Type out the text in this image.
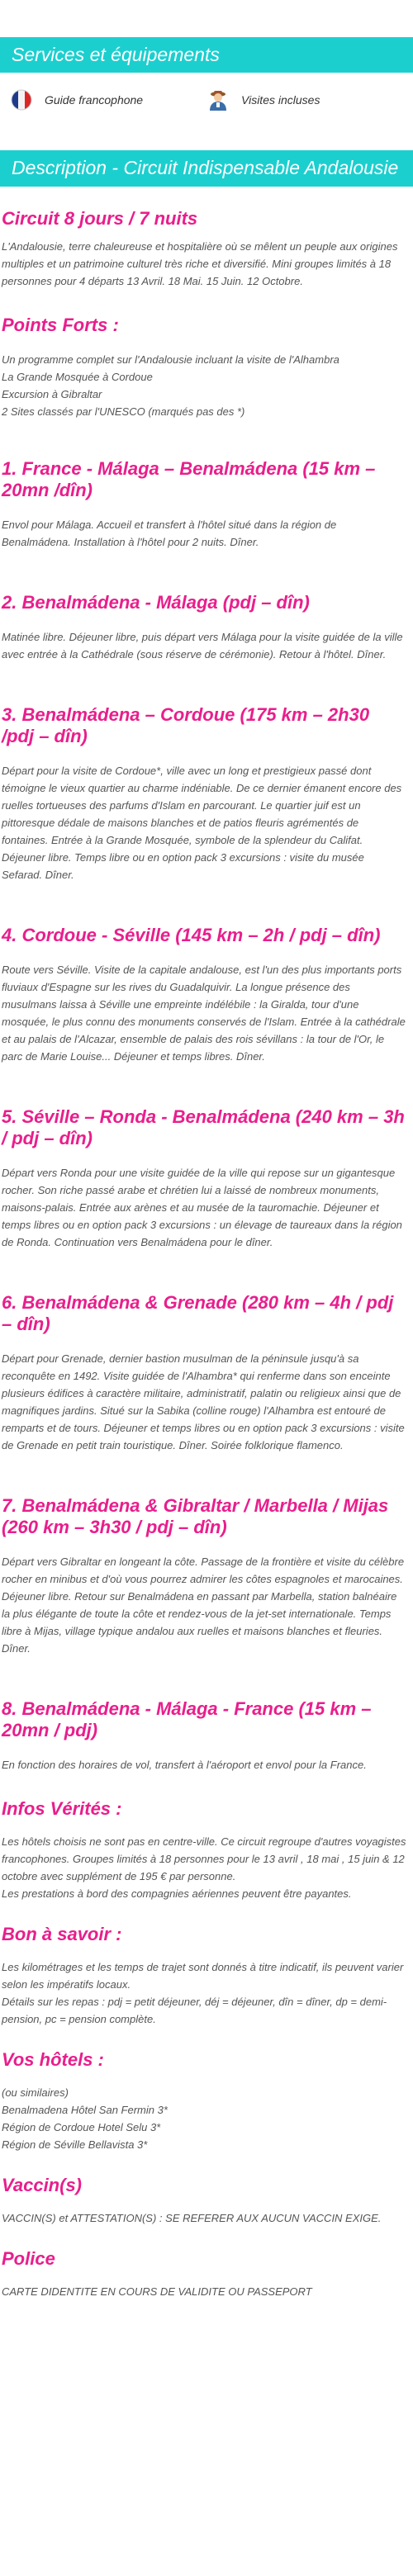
Services et équipements
Guide francophone	Visites incluses
Description - Circuit Indispensable Andalousie
Circuit 8 jours / 7 nuits

L'Andalousie, terre chaleureuse et hospitalière où se mêlent un peuple aux origines multiples et un patrimoine culturel très riche et diversifié. Mini groupes limités à 18 personnes pour 4 départs 13 Avril. 18 Mai. 15 Juin. 12 Octobre.

Points Forts :

Un programme complet sur l'Andalousie incluant la visite de l'Alhambra

La Grande Mosquée à Cordoue

Excursion à Gibraltar

2 Sites classés par l'UNESCO (marqués pas des *)

1. France - Málaga – Benalmádena (15 km – 20mn /dîn)

Envol pour Málaga. Accueil et transfert à l'hôtel situé dans la région de Benalmádena. Installation à l'hôtel pour 2 nuits. Dîner.

2. Benalmádena - Málaga (pdj – dîn)

Matinée libre. Déjeuner libre, puis départ vers Málaga pour la visite guidée de la ville avec entrée à la Cathédrale (sous réserve de cérémonie). Retour à l'hôtel. Dîner.

3. Benalmádena – Cordoue (175 km – 2h30 /pdj – dîn)

Départ pour la visite de Cordoue*, ville avec un long et prestigieux passé dont témoigne le vieux quartier au charme indéniable. De ce dernier émanent encore des ruelles tortueuses des parfums d'Islam en parcourant. Le quartier juif est un pittoresque dédale de maisons blanches et de patios fleuris agrémentés de fontaines. Entrée à la Grande Mosquée, symbole de la splendeur du Califat. Déjeuner libre. Temps libre ou en option pack 3 excursions : visite du musée Sefarad. Dîner.

4. Cordoue - Séville (145 km – 2h / pdj – dîn)

Route vers Séville. Visite de la capitale andalouse, est l'un des plus importants ports fluviaux d'Espagne sur les rives du Guadalquivir. La longue présence des musulmans laissa à Séville une empreinte indélébile : la Giralda, tour d'une mosquée, le plus connu des monuments conservés de l'Islam. Entrée à la cathédrale et au palais de l'Alcazar, ensemble de palais des rois sévillans : la tour de l'Or, le parc de Marie Louise... Déjeuner et temps libres. Dîner.

5. Séville – Ronda - Benalmádena (240 km – 3h / pdj – dîn)

Départ vers Ronda pour une visite guidée de la ville qui repose sur un gigantesque rocher. Son riche passé arabe et chrétien lui a laissé de nombreux monuments, maisons-palais. Entrée aux arènes et au musée de la tauromachie. Déjeuner et temps libres ou en option pack 3 excursions : un élevage de taureaux dans la région de Ronda. Continuation vers Benalmádena pour le dîner.

6. Benalmádena & Grenade (280 km – 4h / pdj – dîn)

Départ pour Grenade, dernier bastion musulman de la péninsule jusqu'à sa reconquête en 1492. Visite guidée de l'Alhambra* qui renferme dans son enceinte plusieurs édifices à caractère militaire, administratif, palatin ou religieux ainsi que de magnifiques jardins. Situé sur la Sabika (colline rouge) l'Alhambra est entouré de remparts et de tours. Déjeuner et temps libres ou en option pack 3 excursions : visite de Grenade en petit train touristique. Dîner. Soirée folklorique flamenco.

7. Benalmádena & Gibraltar / Marbella / Mijas (260 km – 3h30 / pdj – dîn)

Départ vers Gibraltar en longeant la côte. Passage de la frontière et visite du célèbre rocher en minibus et d'où vous pourrez admirer les côtes espagnoles et marocaines. Déjeuner libre. Retour sur Benalmádena en passant par Marbella, station balnéaire la plus élégante de toute la côte et rendez-vous de la jet-set internationale. Temps libre à Mijas, village typique andalou aux ruelles et maisons blanches et fleuries. Dîner.

8. Benalmádena - Málaga - France (15 km – 20mn / pdj)

En fonction des horaires de vol, transfert à l'aéroport et envol pour la France.

Infos Vérités :

Les hôtels choisis ne sont pas en centre-ville. Ce circuit regroupe d'autres voyagistes francophones. Groupes limités à 18 personnes pour le 13 avril , 18 mai , 15 juin & 12 octobre avec supplément de 195 € par personne.

Les prestations à bord des compagnies aériennes peuvent être payantes.

Bon à savoir :

Les kilométrages et les temps de trajet sont donnés à titre indicatif, ils peuvent varier selon les impératifs locaux.

Détails sur les repas : pdj = petit déjeuner, déj = déjeuner, dîn = dîner, dp = demi-pension, pc = pension complète.

Vos hôtels :

(ou similaires)

Benalmadena Hôtel San Fermin 3*

Région de Cordoue Hotel Selu 3*

Région de Séville Bellavista 3*

Vaccin(s)

VACCIN(S) et ATTESTATION(S) : SE REFERER AUX AUCUN VACCIN EXIGE.

Police

CARTE DIDENTITE EN COURS DE VALIDITE OU PASSEPORT
